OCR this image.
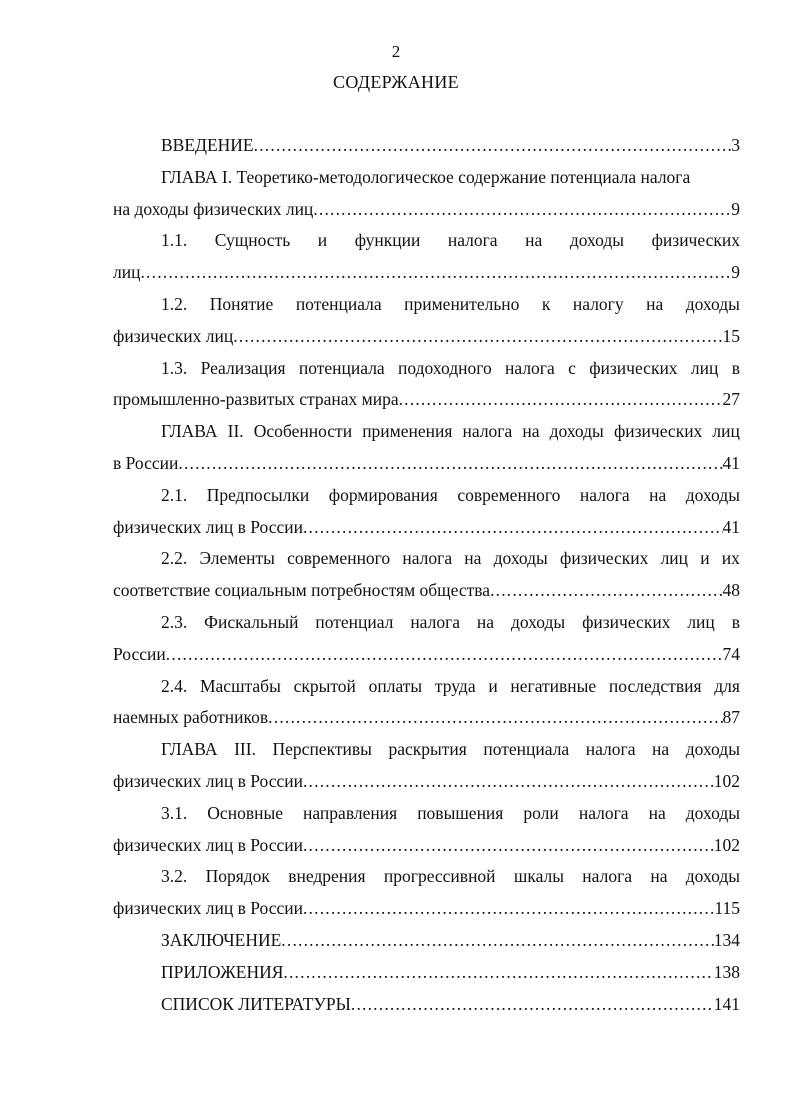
2
СОДЕРЖАНИЕ
ВВЕДЕНИЕ .....	3
ГЛАВА I. Теоретико-методологическое содержание потенциала налога
на доходы физических лиц .....	9
1.1. Сущность и функции налога на доходы физических
лиц .....	9
1.2. Понятие потенциала применительно к налогу на доходы
физических лиц .....	15
1.3. Реализация потенциала подоходного налога с физических лиц в
промышленно-развитых странах мира .....	27
ГЛАВА II. Особенности применения налога на доходы физических лиц
в России .....	41
2.1. Предпосылки формирования современного налога на доходы
физических лиц в России .....	41
2.2. Элементы современного налога на доходы физических лиц и их
соответствие социальным потребностям общества .....	48
2.3. Фискальный потенциал налога на доходы физических лиц в
России .....	74
2.4. Масштабы скрытой оплаты труда и негативные последствия для
наемных работников .....	87
ГЛАВА III. Перспективы раскрытия потенциала налога на доходы
физических лиц в России .....	102
3.1. Основные направления повышения роли налога на доходы
физических лиц в России .....	102
3.2. Порядок внедрения прогрессивной шкалы налога на доходы
физических лиц в России .....	115
ЗАКЛЮЧЕНИЕ .....	134
ПРИЛОЖЕНИЯ .....	138
СПИСОК ЛИТЕРАТУРЫ .....	141
